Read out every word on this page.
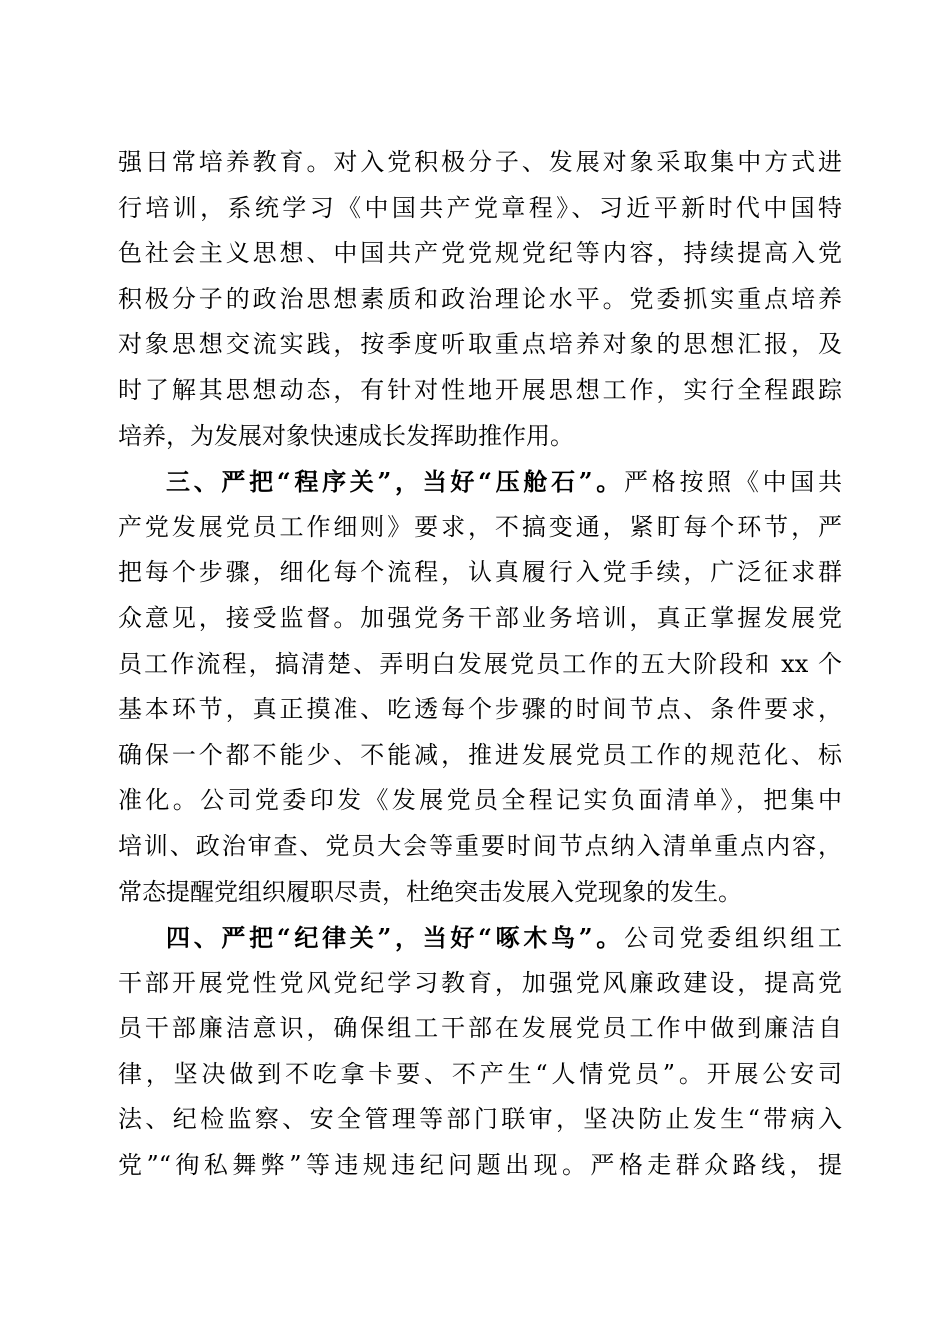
强日常培养教育。对入党积极分子、发展对象采取集中方式进
行培训，系统学习《中国共产党章程》、习近平新时代中国特
色社会主义思想、中国共产党党规党纪等内容，持续提高入党
积极分子的政治思想素质和政治理论水平。党委抓实重点培养
对象思想交流实践，按季度听取重点培养对象的思想汇报，及
时了解其思想动态，有针对性地开展思想工作，实行全程跟踪
培养，为发展对象快速成长发挥助推作用。
三、严把“程序关”，当好“压舱石”。严格按照《中国共
产党发展党员工作细则》要求，不搞变通，紧盯每个环节，严
把每个步骤，细化每个流程，认真履行入党手续，广泛征求群
众意见，接受监督。加强党务干部业务培训，真正掌握发展党
员工作流程，搞清楚、弄明白发展党员工作的五大阶段和 xx 个
基本环节，真正摸准、吃透每个步骤的时间节点、条件要求，
确保一个都不能少、不能减，推进发展党员工作的规范化、标
准化。公司党委印发《发展党员全程记实负面清单》，把集中
培训、政治审查、党员大会等重要时间节点纳入清单重点内容，
常态提醒党组织履职尽责，杜绝突击发展入党现象的发生。
四、严把“纪律关”，当好“啄木鸟”。公司党委组织组工
干部开展党性党风党纪学习教育，加强党风廉政建设，提高党
员干部廉洁意识，确保组工干部在发展党员工作中做到廉洁自
律，坚决做到不吃拿卡要、不产生“人情党员”。开展公安司
法、纪检监察、安全管理等部门联审，坚决防止发生“带病入
党”“徇私舞弊”等违规违纪问题出现。严格走群众路线，提
